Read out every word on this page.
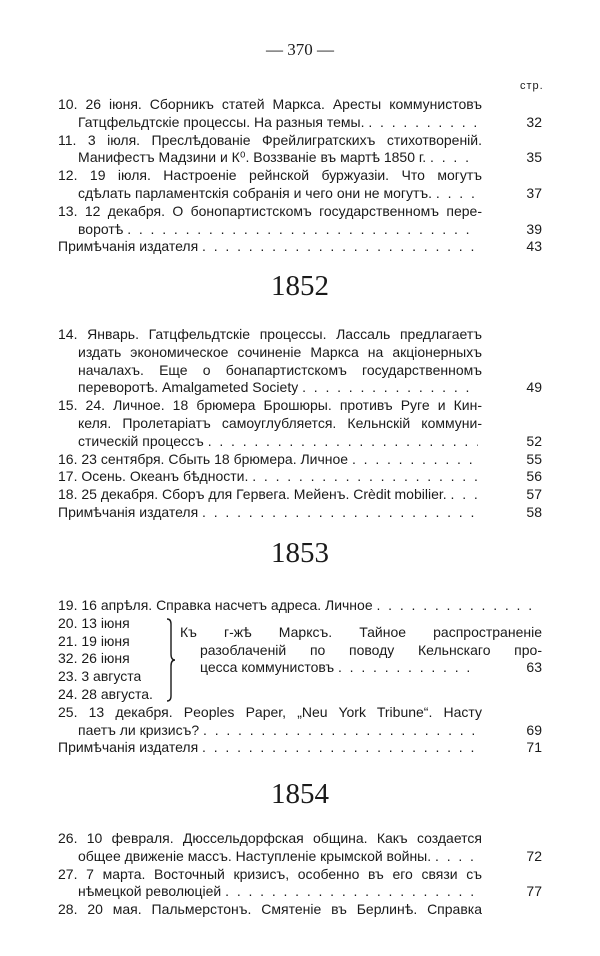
— 370 —
стр.
10. 26 іюня. Сборникъ статей Маркса. Аресты коммунистовъ
Гатцфельдтскіе процессы. На разныя темы. . .	32
11. 3 іюля. Преслѣдованіе Фрейлигратскихъ стихотвореній.
Манифестъ Мадзини и К⁰. Воззваніе въ мартѣ 1850 г. . .	35
12. 19 іюля. Настроеніе рейнской буржуазіи. Что могутъ
сдѣлать парламентскія собранія и чего они не могутъ. . .	37
13. 12 декабря. О бонопартистскомъ государственномъ пере-
воротѣ . .	39
Примѣчанія издателя . .	43
1852
14. Январь. Гатцфельдтскіе процессы. Лассаль предлагаетъ
издать экономическое сочиненіе Маркса на акціонерныхъ
началахъ. Еще о бонапартистскомъ государственномъ
переворотѣ. Amalgameted Society . .	49
15. 24. Личное. 18 брюмера Брошюры. противъ Руге и Кин-
келя. Пролетаріатъ самоуглубляется. Кельнскій коммуни-
стическій процессъ . .	52
16. 23 сентября. Сбыть 18 брюмера. Личное . .	55
17. Осень. Океанъ бѣдности. . .	56
18. 25 декабря. Сборъ для Гервега. Мейенъ. Crèdit mobilier. . .	57
Примѣчанія издателя . .	58
1853
19. 16 апрѣля. Справка насчетъ адреса. Личное
. .
20. 13 іюня
21. 19 іюня
32. 26 іюня
23. 3 августа
24. 28 августа.
Къ г-жѣ Марксъ. Тайное распространеніе
разоблаченій по поводу Кельнскаго про-
цесса коммунистовъ . .	63
25. 13 декабря. Peoples Paper, „Neu York Tribune“. Насту
паетъ ли кризисъ? . .	69
Примѣчанія издателя . .	71
1854
26. 10 февраля. Дюссельдорфская община. Какъ создается
общее движеніе массъ. Наступленіе крымской войны. . .	72
27. 7 марта. Восточный кризисъ, особенно въ его связи съ
нѣмецкой революціей . .	77
28. 20 мая. Пальмерстонъ. Смятеніе въ Берлинѣ. Справка
